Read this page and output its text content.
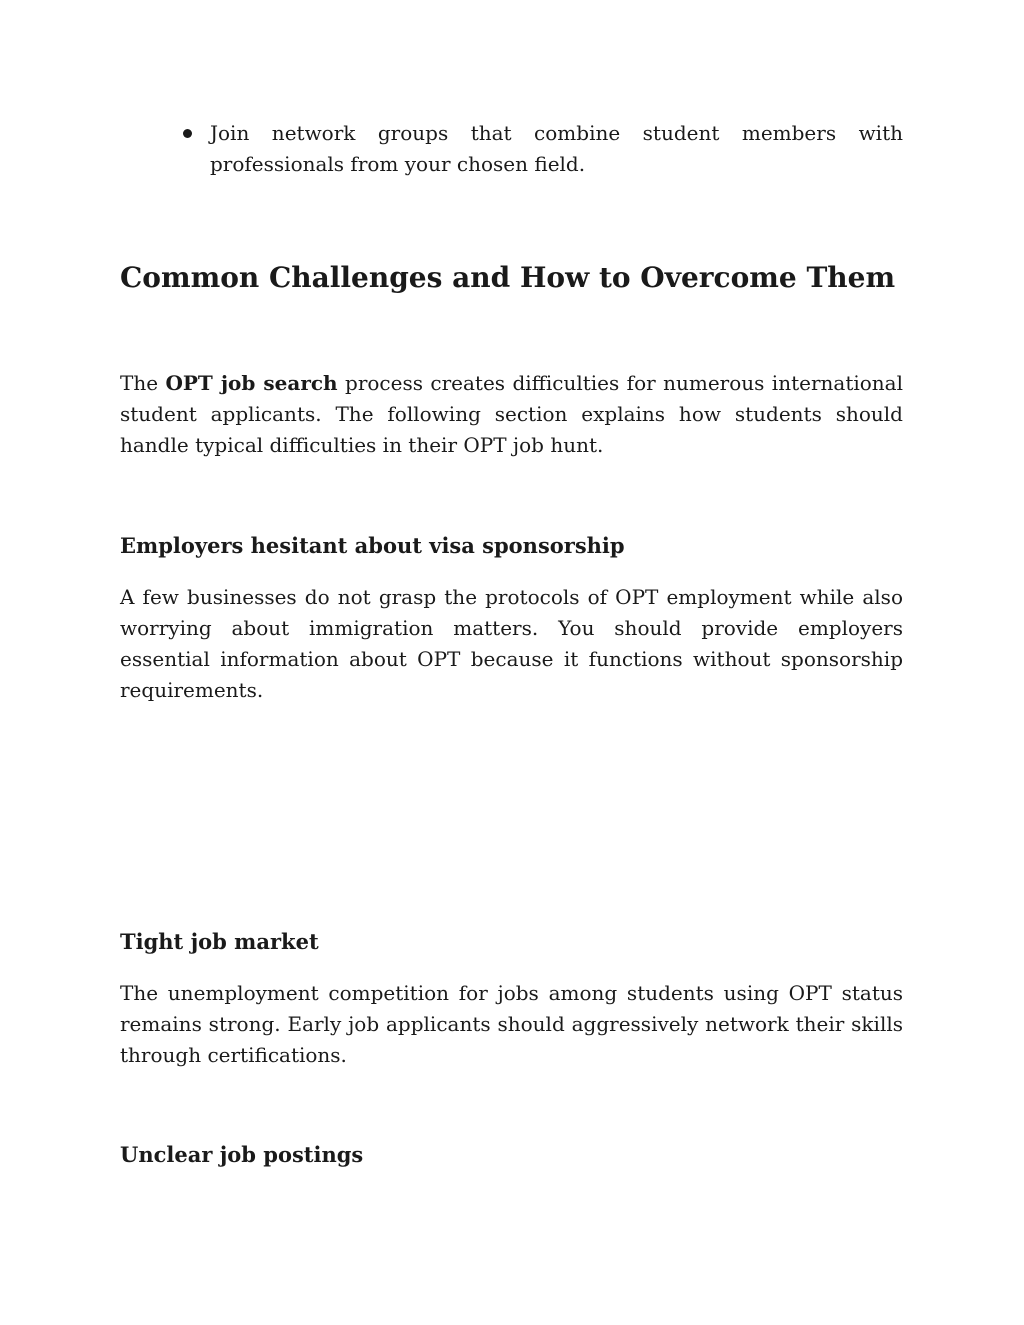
Join network groups that combine student members with professionals from your chosen field.
Common Challenges and How to Overcome Them

The OPT job search process creates difficulties for numerous international student applicants. The following section explains how students should handle typical difficulties in their OPT job hunt.

Employers hesitant about visa sponsorship

A few businesses do not grasp the protocols of OPT employment while also worrying about immigration matters. You should provide employers essential information about OPT because it functions without sponsorship requirements.

Tight job market

The unemployment competition for jobs among students using OPT status remains strong. Early job applicants should aggressively network their skills through certifications.

Unclear job postings
